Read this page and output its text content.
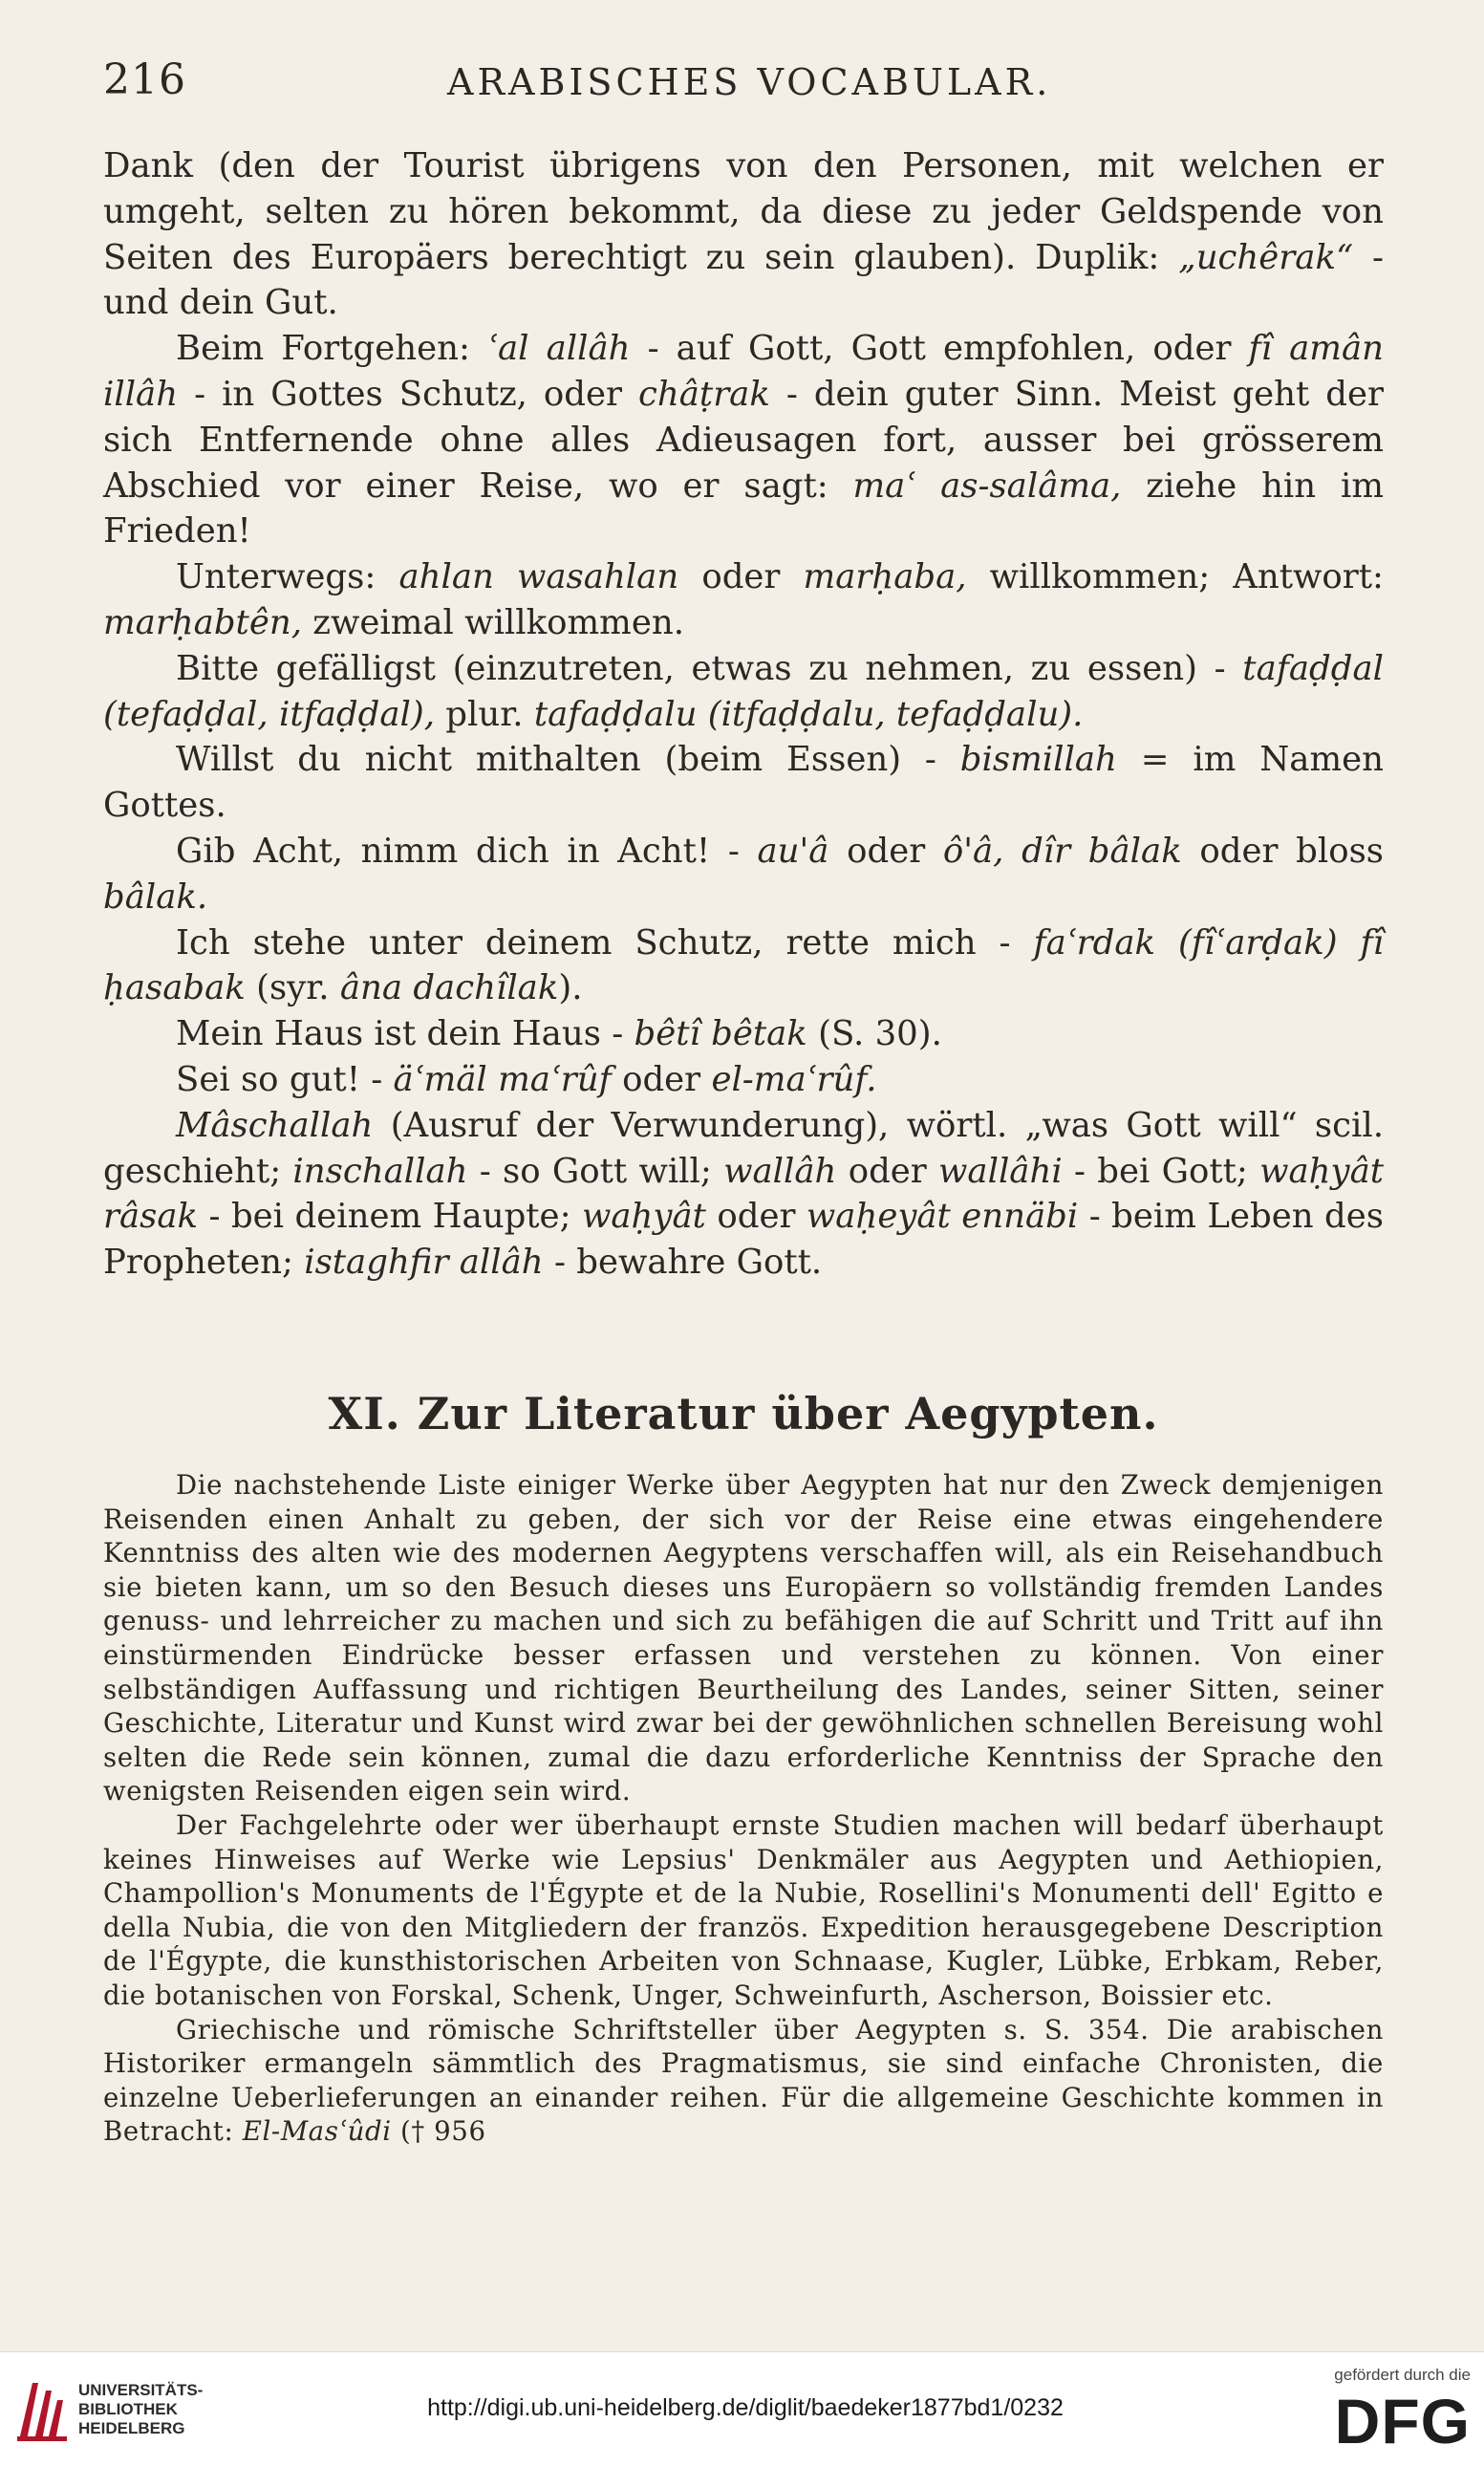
216	ARABISCHES VOCABULAR.

Dank (den der Tourist übrigens von den Personen, mit welchen er umgeht, selten zu hören bekommt, da diese zu jeder Geldspende von Seiten des Europäers berechtigt zu sein glauben). Duplik: „uchêrak“ - und dein Gut.

Beim Fortgehen: ʿal allâh - auf Gott, Gott empfohlen, oder fî amân illâh - in Gottes Schutz, oder châṭrak - dein guter Sinn. Meist geht der sich Entfernende ohne alles Adieusagen fort, ausser bei grösserem Abschied vor einer Reise, wo er sagt: maʿ as-salâma, ziehe hin im Frieden!

Unterwegs: ahlan wasahlan oder marḥaba, willkommen; Antwort: marḥabtên, zweimal willkommen.

Bitte gefälligst (einzutreten, etwas zu nehmen, zu essen) - tafaḍḍal (tefaḍḍal, itfaḍḍal), plur. tafaḍḍalu (itfaḍḍalu, tefaḍḍalu).

Willst du nicht mithalten (beim Essen) - bismillah = im Namen Gottes.

Gib Acht, nimm dich in Acht! - au'â oder ô'â, dîr bâlak oder bloss bâlak.

Ich stehe unter deinem Schutz, rette mich - faʿrdak (fîʿarḍak) fî ḥasabak (syr. âna dachîlak).

Mein Haus ist dein Haus - bêtî bêtak (S. 30).

Sei so gut! - äʿmäl maʿrûf oder el-maʿrûf.

Mâschallah (Ausruf der Verwunderung), wörtl. „was Gott will“ scil. geschieht; inschallah - so Gott will; wallâh oder wallâhi - bei Gott; waḥyât râsak - bei deinem Haupte; waḥyât oder waḥeyât ennäbi - beim Leben des Propheten; istaghfir allâh - bewahre Gott.

XI. Zur Literatur über Aegypten.

Die nachstehende Liste einiger Werke über Aegypten hat nur den Zweck demjenigen Reisenden einen Anhalt zu geben, der sich vor der Reise eine etwas eingehendere Kenntniss des alten wie des modernen Aegyptens verschaffen will, als ein Reisehandbuch sie bieten kann, um so den Besuch dieses uns Europäern so vollständig fremden Landes genuss- und lehrreicher zu machen und sich zu befähigen die auf Schritt und Tritt auf ihn einstürmenden Eindrücke besser erfassen und verstehen zu können. Von einer selbständigen Auffassung und richtigen Beurtheilung des Landes, seiner Sitten, seiner Geschichte, Literatur und Kunst wird zwar bei der gewöhnlichen schnellen Bereisung wohl selten die Rede sein können, zumal die dazu erforderliche Kenntniss der Sprache den wenigsten Reisenden eigen sein wird.

Der Fachgelehrte oder wer überhaupt ernste Studien machen will bedarf überhaupt keines Hinweises auf Werke wie Lepsius' Denkmäler aus Aegypten und Aethiopien, Champollion's Monuments de l'Égypte et de la Nubie, Rosellini's Monumenti dell' Egitto e della Nubia, die von den Mitgliedern der französ. Expedition herausgegebene Description de l'Égypte, die kunsthistorischen Arbeiten von Schnaase, Kugler, Lübke, Erbkam, Reber, die botanischen von Forskal, Schenk, Unger, Schweinfurth, Ascherson, Boissier etc.

Griechische und römische Schriftsteller über Aegypten s. S. 354. Die arabischen Historiker ermangeln sämmtlich des Pragmatismus, sie sind einfache Chronisten, die einzelne Ueberlieferungen an einander reihen. Für die allgemeine Geschichte kommen in Betracht: El-Masʿûdi († 956

UNIVERSITÄTS-
BIBLIOTHEK
HEIDELBERG
http://digi.ub.uni-heidelberg.de/diglit/baedeker1877bd1/0232
gefördert durch die
DFG
